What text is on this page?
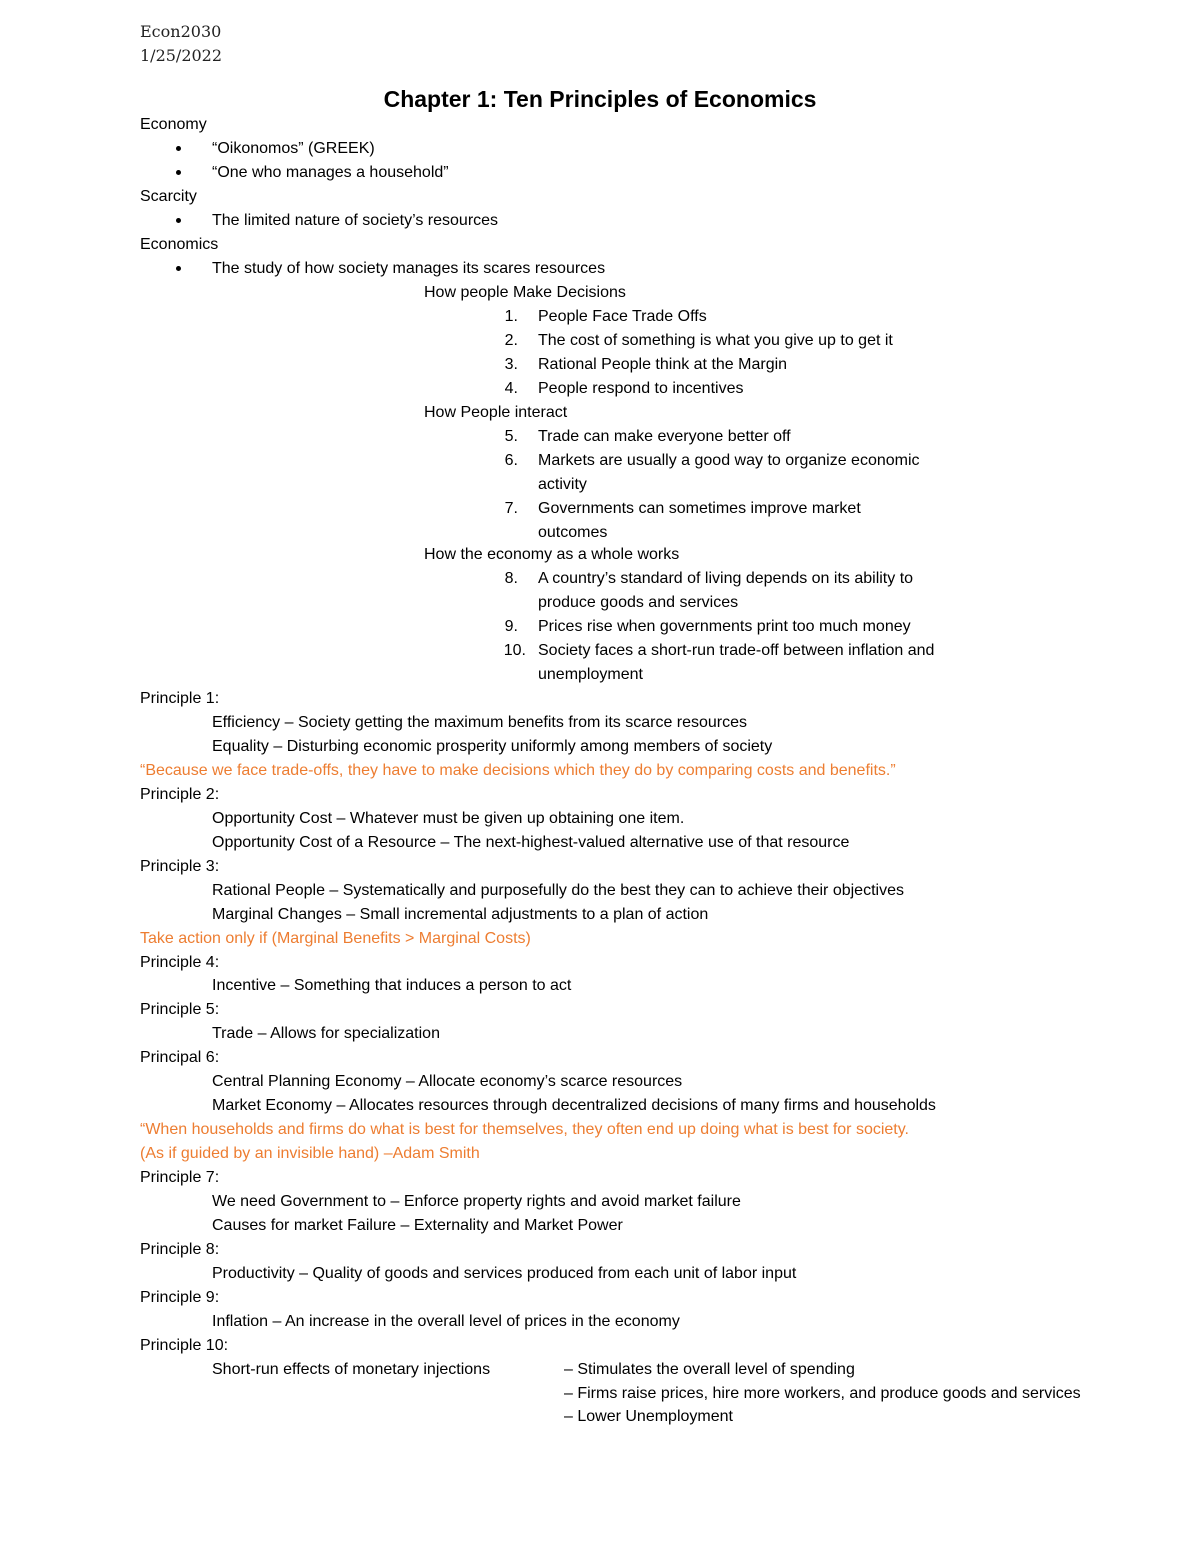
Econ2030
1/25/2022
Chapter 1: Ten Principles of Economics
Economy
“Oikonomos” (GREEK)
“One who manages a household”
Scarcity
The limited nature of society’s resources
Economics
The study of how society manages its scares resources
How people Make Decisions
1. People Face Trade Offs
2. The cost of something is what you give up to get it
3. Rational People think at the Margin
4. People respond to incentives
How People interact
5. Trade can make everyone better off
6. Markets are usually a good way to organize economic
activity
7. Governments can sometimes improve market
outcomes
How the economy as a whole works
8. A country’s standard of living depends on its ability to
produce goods and services
9. Prices rise when governments print too much money
10. Society faces a short-run trade-off between inflation and
unemployment
Principle 1:
Efficiency – Society getting the maximum benefits from its scarce resources
Equality – Disturbing economic prosperity uniformly among members of society
“Because we face trade-offs, they have to make decisions which they do by comparing costs and benefits.”
Principle 2:
Opportunity Cost – Whatever must be given up obtaining one item.
Opportunity Cost of a Resource – The next-highest-valued alternative use of that resource
Principle 3:
Rational People – Systematically and purposefully do the best they can to achieve their objectives
Marginal Changes – Small incremental adjustments to a plan of action
Take action only if (Marginal Benefits > Marginal Costs)
Principle 4:
Incentive – Something that induces a person to act
Principle 5:
Trade – Allows for specialization
Principal 6:
Central Planning Economy – Allocate economy’s scarce resources
Market Economy – Allocates resources through decentralized decisions of many firms and households
“When households and firms do what is best for themselves, they often end up doing what is best for society.
(As if guided by an invisible hand) –Adam Smith
Principle 7:
We need Government to – Enforce property rights and avoid market failure
Causes for market Failure – Externality and Market Power
Principle 8:
Productivity – Quality of goods and services produced from each unit of labor input
Principle 9:
Inflation – An increase in the overall level of prices in the economy
Principle 10:
Short-run effects of monetary injections	– Stimulates the overall level of spending
– Firms raise prices, hire more workers, and produce goods and services
– Lower Unemployment
